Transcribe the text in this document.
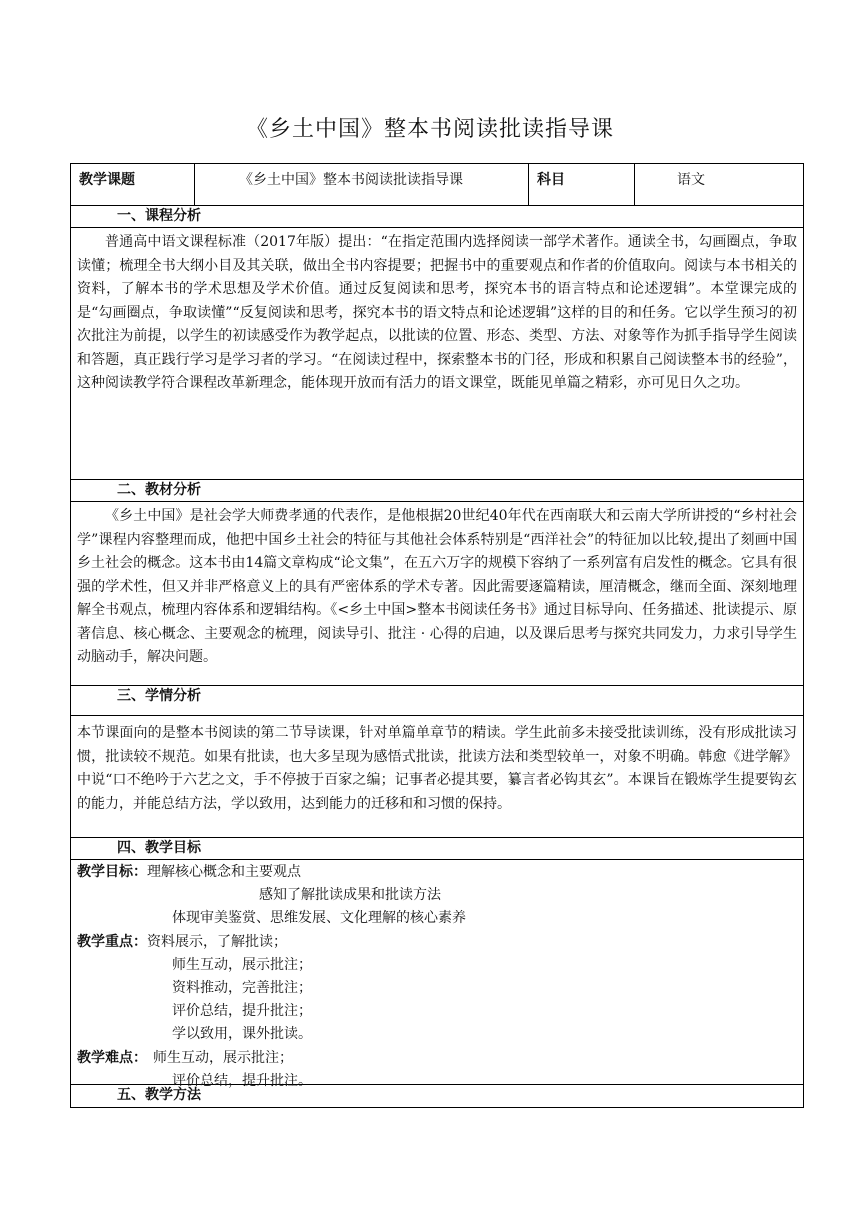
《乡土中国》整本书阅读批读指导课
教学课题	《乡土中国》整本书阅读批读指导课	科目	语文
一、课程分析
普通高中语文课程标准（2017年版）提出：“在指定范围内选择阅读一部学术著作。通读全书，勾画圈点，争取读懂；梳理全书大纲小目及其关联，做出全书内容提要；把握书中的重要观点和作者的价值取向。阅读与本书相关的资料，了解本书的学术思想及学术价值。通过反复阅读和思考，探究本书的语言特点和论述逻辑”。本堂课完成的是“勾画圈点，争取读懂”“反复阅读和思考，探究本书的语文特点和论述逻辑”这样的目的和任务。它以学生预习的初次批注为前提，以学生的初读感受作为教学起点，以批读的位置、形态、类型、方法、对象等作为抓手指导学生阅读和答题，真正践行学习是学习者的学习。“在阅读过程中，探索整本书的门径，形成和积累自己阅读整本书的经验”，这种阅读教学符合课程改革新理念，能体现开放而有活力的语文课堂，既能见单篇之精彩，亦可见日久之功。
二、教材分析
《乡土中国》是社会学大师费孝通的代表作，是他根据20世纪40年代在西南联大和云南大学所讲授的“乡村社会学”课程内容整理而成，他把中国乡土社会的特征与其他社会体系特别是“西洋社会”的特征加以比较,提出了刻画中国乡土社会的概念。这本书由14篇文章构成“论文集”，在五六万字的规模下容纳了一系列富有启发性的概念。它具有很强的学术性，但又并非严格意义上的具有严密体系的学术专著。因此需要逐篇精读，厘清概念，继而全面、深刻地理解全书观点，梳理内容体系和逻辑结构。《<乡土中国>整本书阅读任务书》通过目标导向、任务描述、批读提示、原著信息、核心概念、主要观念的梳理，阅读导引、批注 · 心得的启迪，以及课后思考与探究共同发力，力求引导学生动脑动手，解决问题。
三、学情分析
本节课面向的是整本书阅读的第二节导读课，针对单篇单章节的精读。学生此前多未接受批读训练，没有形成批读习惯，批读较不规范。如果有批读，也大多呈现为感悟式批读，批读方法和类型较单一，对象不明确。韩愈《进学解》中说“口不绝吟于六艺之文，手不停披于百家之编；记事者必提其要，纂言者必钩其玄”。本课旨在锻炼学生提要钩玄的能力，并能总结方法，学以致用，达到能力的迁移和和习惯的保持。
四、教学目标
教学目标：理解核心概念和主要观点
感知了解批读成果和批读方法
体现审美鉴赏、思维发展、文化理解的核心素养
教学重点：资料展示，了解批读；
师生互动，展示批注；
资料推动，完善批注；
评价总结，提升批注；
学以致用，课外批读。
教学难点： 师生互动，展示批注；
评价总结，提升批注。
五、教学方法
